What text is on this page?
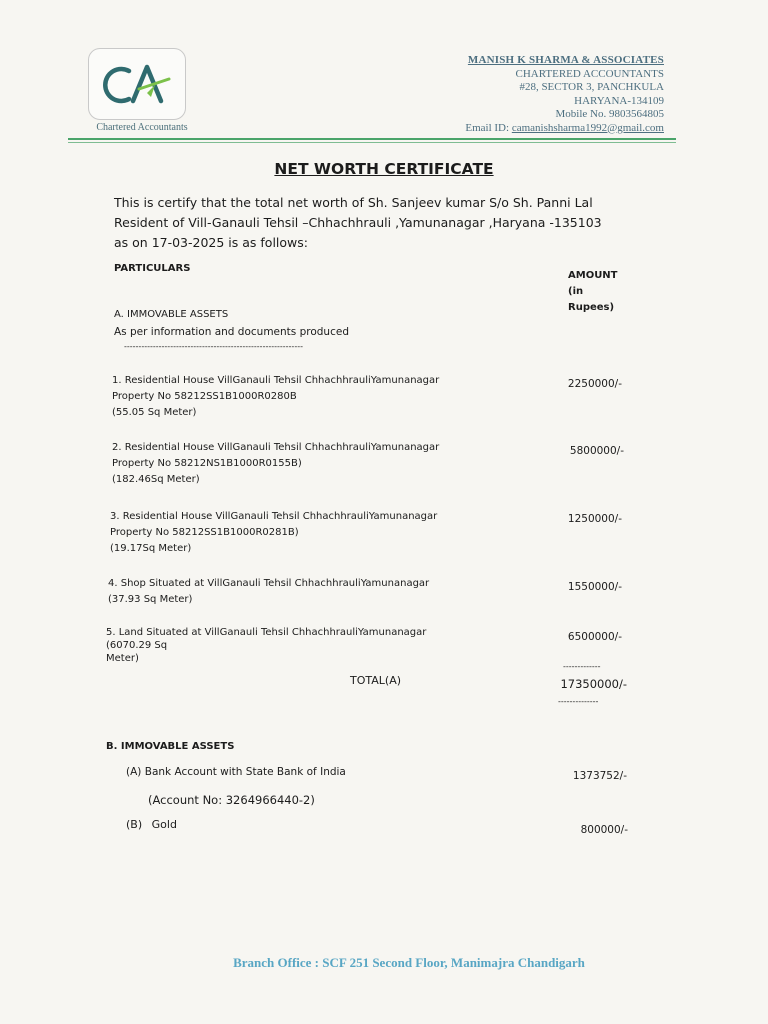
Chartered Accountants
MANISH K SHARMA & ASSOCIATES
CHARTERED ACCOUNTANTS
#28, SECTOR 3, PANCHKULA
HARYANA-134109
Mobile No. 9803564805
Email ID: camanishsharma1992@gmail.com
NET WORTH CERTIFICATE
This is certify that the total net worth of Sh. Sanjeev kumar S/o Sh. Panni Lal
Resident of Vill-Ganauli Tehsil –Chhachhrauli ,Yamunanagar ,Haryana -135103
as on 17-03-2025 is as follows:
PARTICULARS
AMOUNT
(in
Rupees)
A. IMMOVABLE ASSETS
As per information and documents produced
--------------------------------------------------------------
1. Residential House VillGanauli Tehsil ChhachhrauliYamunanagar
Property No 58212SS1B1000R0280B
(55.05 Sq Meter)
2250000/-
2. Residential House VillGanauli Tehsil ChhachhrauliYamunanagar
Property No 58212NS1B1000R0155B)
(182.46Sq Meter)
5800000/-
3. Residential House VillGanauli Tehsil ChhachhrauliYamunanagar
Property No 58212SS1B1000R0281B)
(19.17Sq Meter)
1250000/-
4. Shop Situated at VillGanauli Tehsil ChhachhrauliYamunanagar
(37.93 Sq Meter)
1550000/-
5. Land Situated at VillGanauli Tehsil ChhachhrauliYamunanagar
(6070.29 Sq
Meter)
6500000/-
-------------
TOTAL(A)	17350000/-
--------------
B. IMMOVABLE ASSETS
(A) Bank Account with State Bank of India	1373752/-
(Account No: 3264966440-2)
(B) Gold	800000/-
Branch Office : SCF 251 Second Floor, Manimajra Chandigarh
